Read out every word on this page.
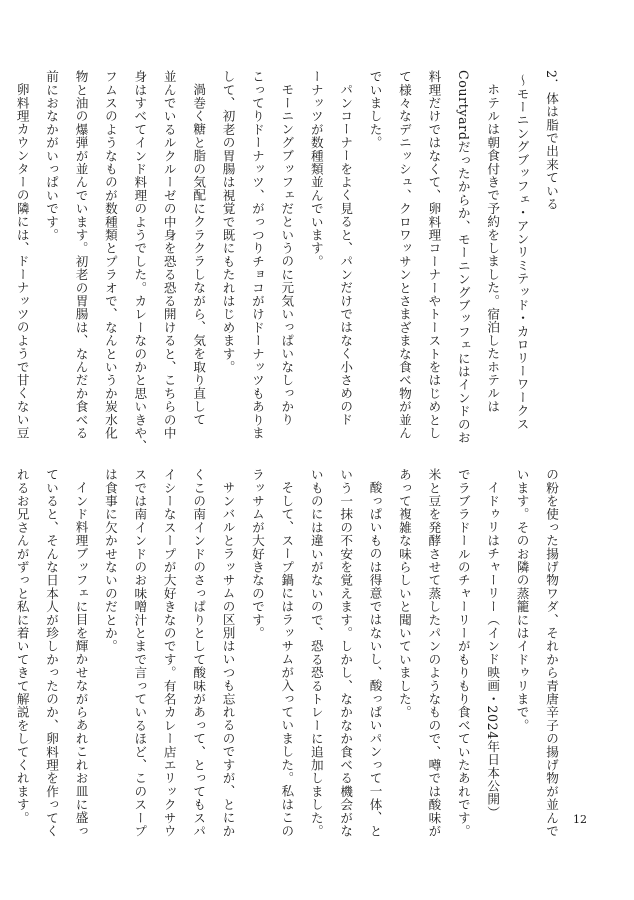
2．体は脂で出来ている

〜モーニングブッフェ・アンリミテッド・カロリーワークス

ホテルは朝食付きで予約をしました。宿泊したホテルは

Courtyardだったからか、モーニングブッフェにはインドのお

料理だけではなくて、卵料理コーナーやトーストをはじめとし

て様々なデニッシュ、クロワッサンとさまざまな食べ物が並ん

でいました。

パンコーナーをよく見ると、パンだけではなく小さめのド

ーナッツが数種類並んでいます。

モーニングブッフェだというのに元気いっぱいなしっかり

こってりドーナッツ、がっつりチョコがけドーナッツもありま

して、初老の胃腸は視覚で既にもたれはじめます。

渦巻く糖と脂の気配にクラクラしながら、気を取り直して

並んでいるルクルーゼの中身を恐る恐る開けると、こちらの中

身はすべてインド料理のようでした。カレーなのかと思いきや、

フムスのようなものが数種類とプラオで、なんというか炭水化

物と油の爆弾が並んでいます。初老の胃腸は、なんだか食べる

前におなかがいっぱいです。

卵料理カウンターの隣には、ドーナッツのようで甘くない豆

の粉を使った揚げ物ワダ、それから青唐辛子の揚げ物が並んで

います。そのお隣の蒸籠にはイドゥリまで。

イドゥリはチャーリー（インド映画・2024年日本公開）

でラブラドールのチャーリーがもりもり食べていたあれです。

米と豆を発酵させて蒸したパンのようなもので、噂では酸味が

あって複雑な味らしいと聞いていました。

酸っぱいものは得意ではないし、酸っぱいパンって一体、と

いう一抹の不安を覚えます。しかし、なかなか食べる機会がな

いものには違いがないので、恐る恐るトレーに追加しました。

そして、スープ鍋にはラッサムが入っていました。私はこの

ラッサムが大好きなのです。

サンバルとラッサムの区別はいつも忘れるのですが、とにか

くこの南インドのさっぱりとして酸味があって、とってもスパ

イシーなスープが大好きなのです。有名カレー店エリックサウ

スでは南インドのお味噌汁とまで言っているほど、このスープ

は食事に欠かせないのだとか。

インド料理ブッフェに目を輝かせながらあれこれお皿に盛っ

ていると、そんな日本人が珍しかったのか、卵料理を作ってく

れるお兄さんがずっと私に着いてきて解説をしてくれます。	12
